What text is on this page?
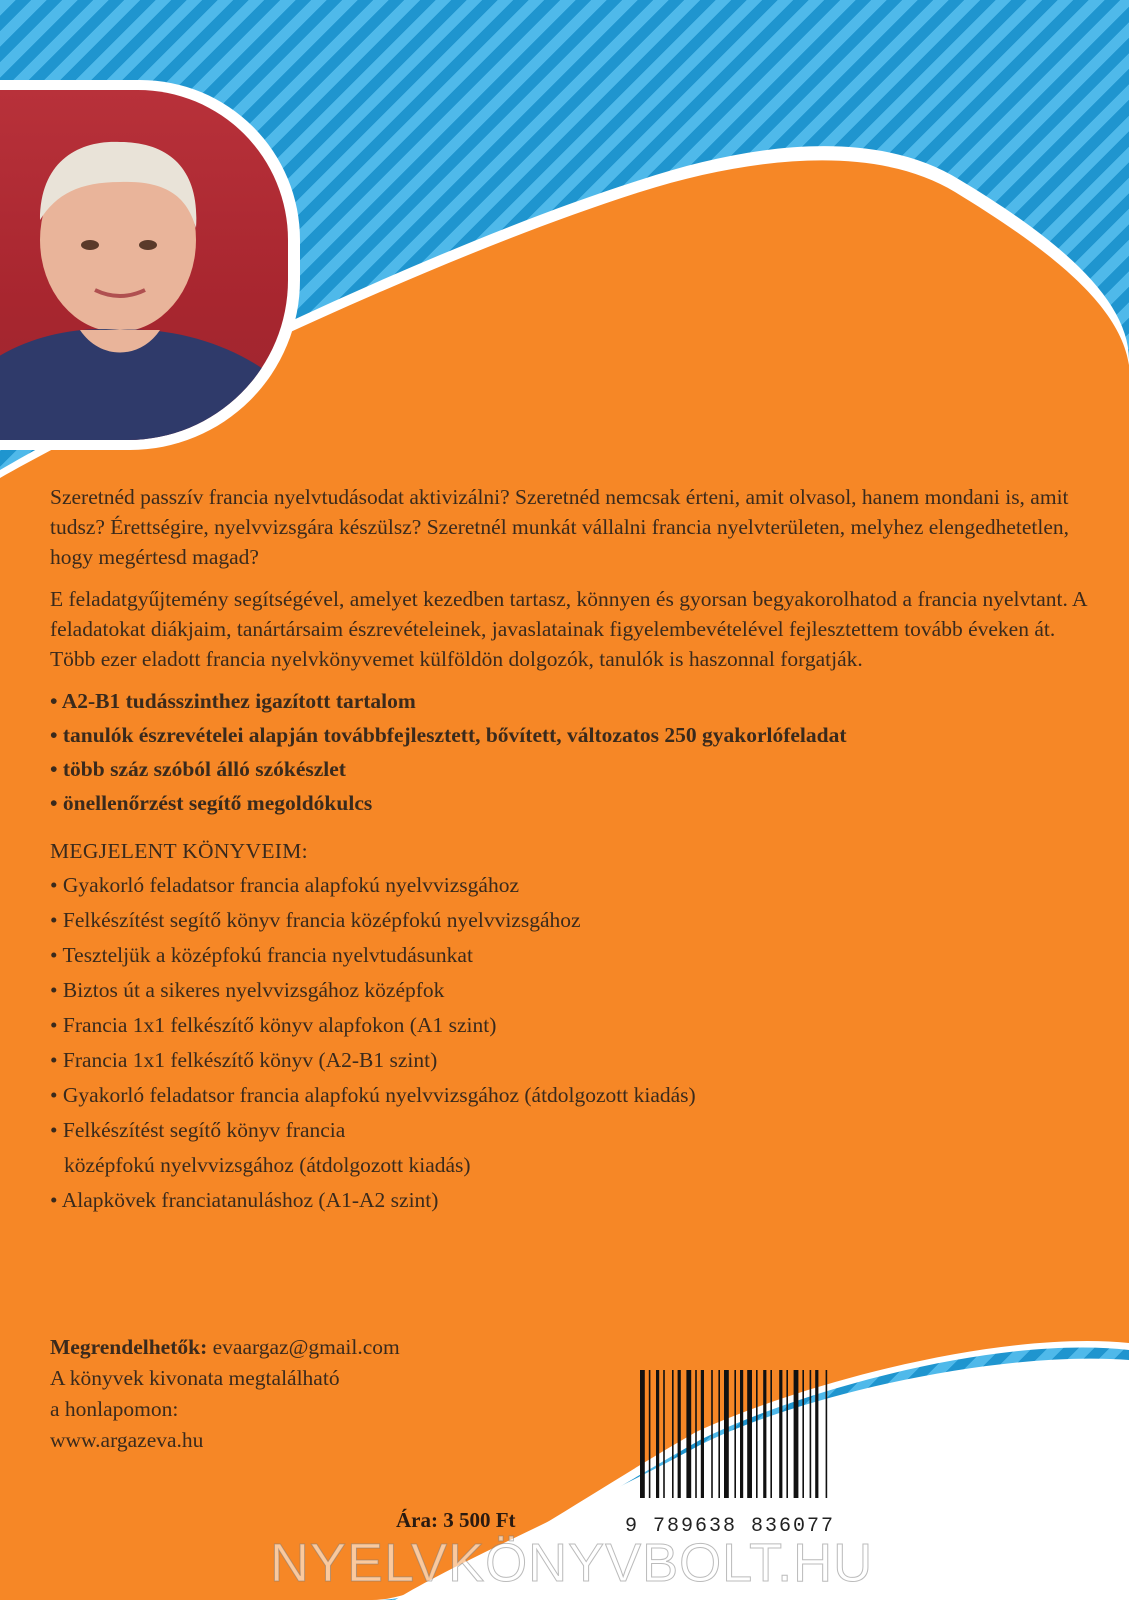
Szeretnéd passzív francia nyelvtudásodat aktivizálni? Szeretnéd nemcsak érteni, amit olvasol, hanem mondani is, amit tudsz? Érettségire, nyelvvizsgára készülsz? Szeretnél munkát vállalni francia nyelvterületen, melyhez elengedhetetlen, hogy megértesd magad?

E feladatgyűjtemény segítségével, amelyet kezedben tartasz, könnyen és gyorsan begyakorolhatod a francia nyelvtant. A feladatokat diákjaim, tanártársaim észrevételeinek, javaslatainak figyelembevételével fejlesztettem tovább éveken át. Több ezer eladott francia nyelvkönyvemet külföldön dolgozók, tanulók is haszonnal forgatják.

• A2-B1 tudásszinthez igazított tartalom
• tanulók észrevételei alapján továbbfejlesztett, bővített, változatos 250 gyakorlófeladat
• több száz szóból álló szókészlet
• önellenőrzést segítő megoldókulcs
MEGJELENT KÖNYVEIM:
• Gyakorló feladatsor francia alapfokú nyelvvizsgához
• Felkészítést segítő könyv francia középfokú nyelvvizsgához
• Teszteljük a középfokú francia nyelvtudásunkat
• Biztos út a sikeres nyelvvizsgához középfok
• Francia 1x1 felkészítő könyv alapfokon (A1 szint)
• Francia 1x1 felkészítő könyv (A2-B1 szint)
• Gyakorló feladatsor francia alapfokú nyelvvizsgához (átdolgozott kiadás)
• Felkészítést segítő könyv francia
középfokú nyelvvizsgához (átdolgozott kiadás)
• Alapkövek franciatanuláshoz (A1-A2 szint)
Megrendelhetők: evaargaz@gmail.com
A könyvek kivonata megtalálható
a honlapomon:
www.argazeva.hu
9 789638 836077
Ára: 3 500 Ft
NYELVKÖNYVBOLT.HU
